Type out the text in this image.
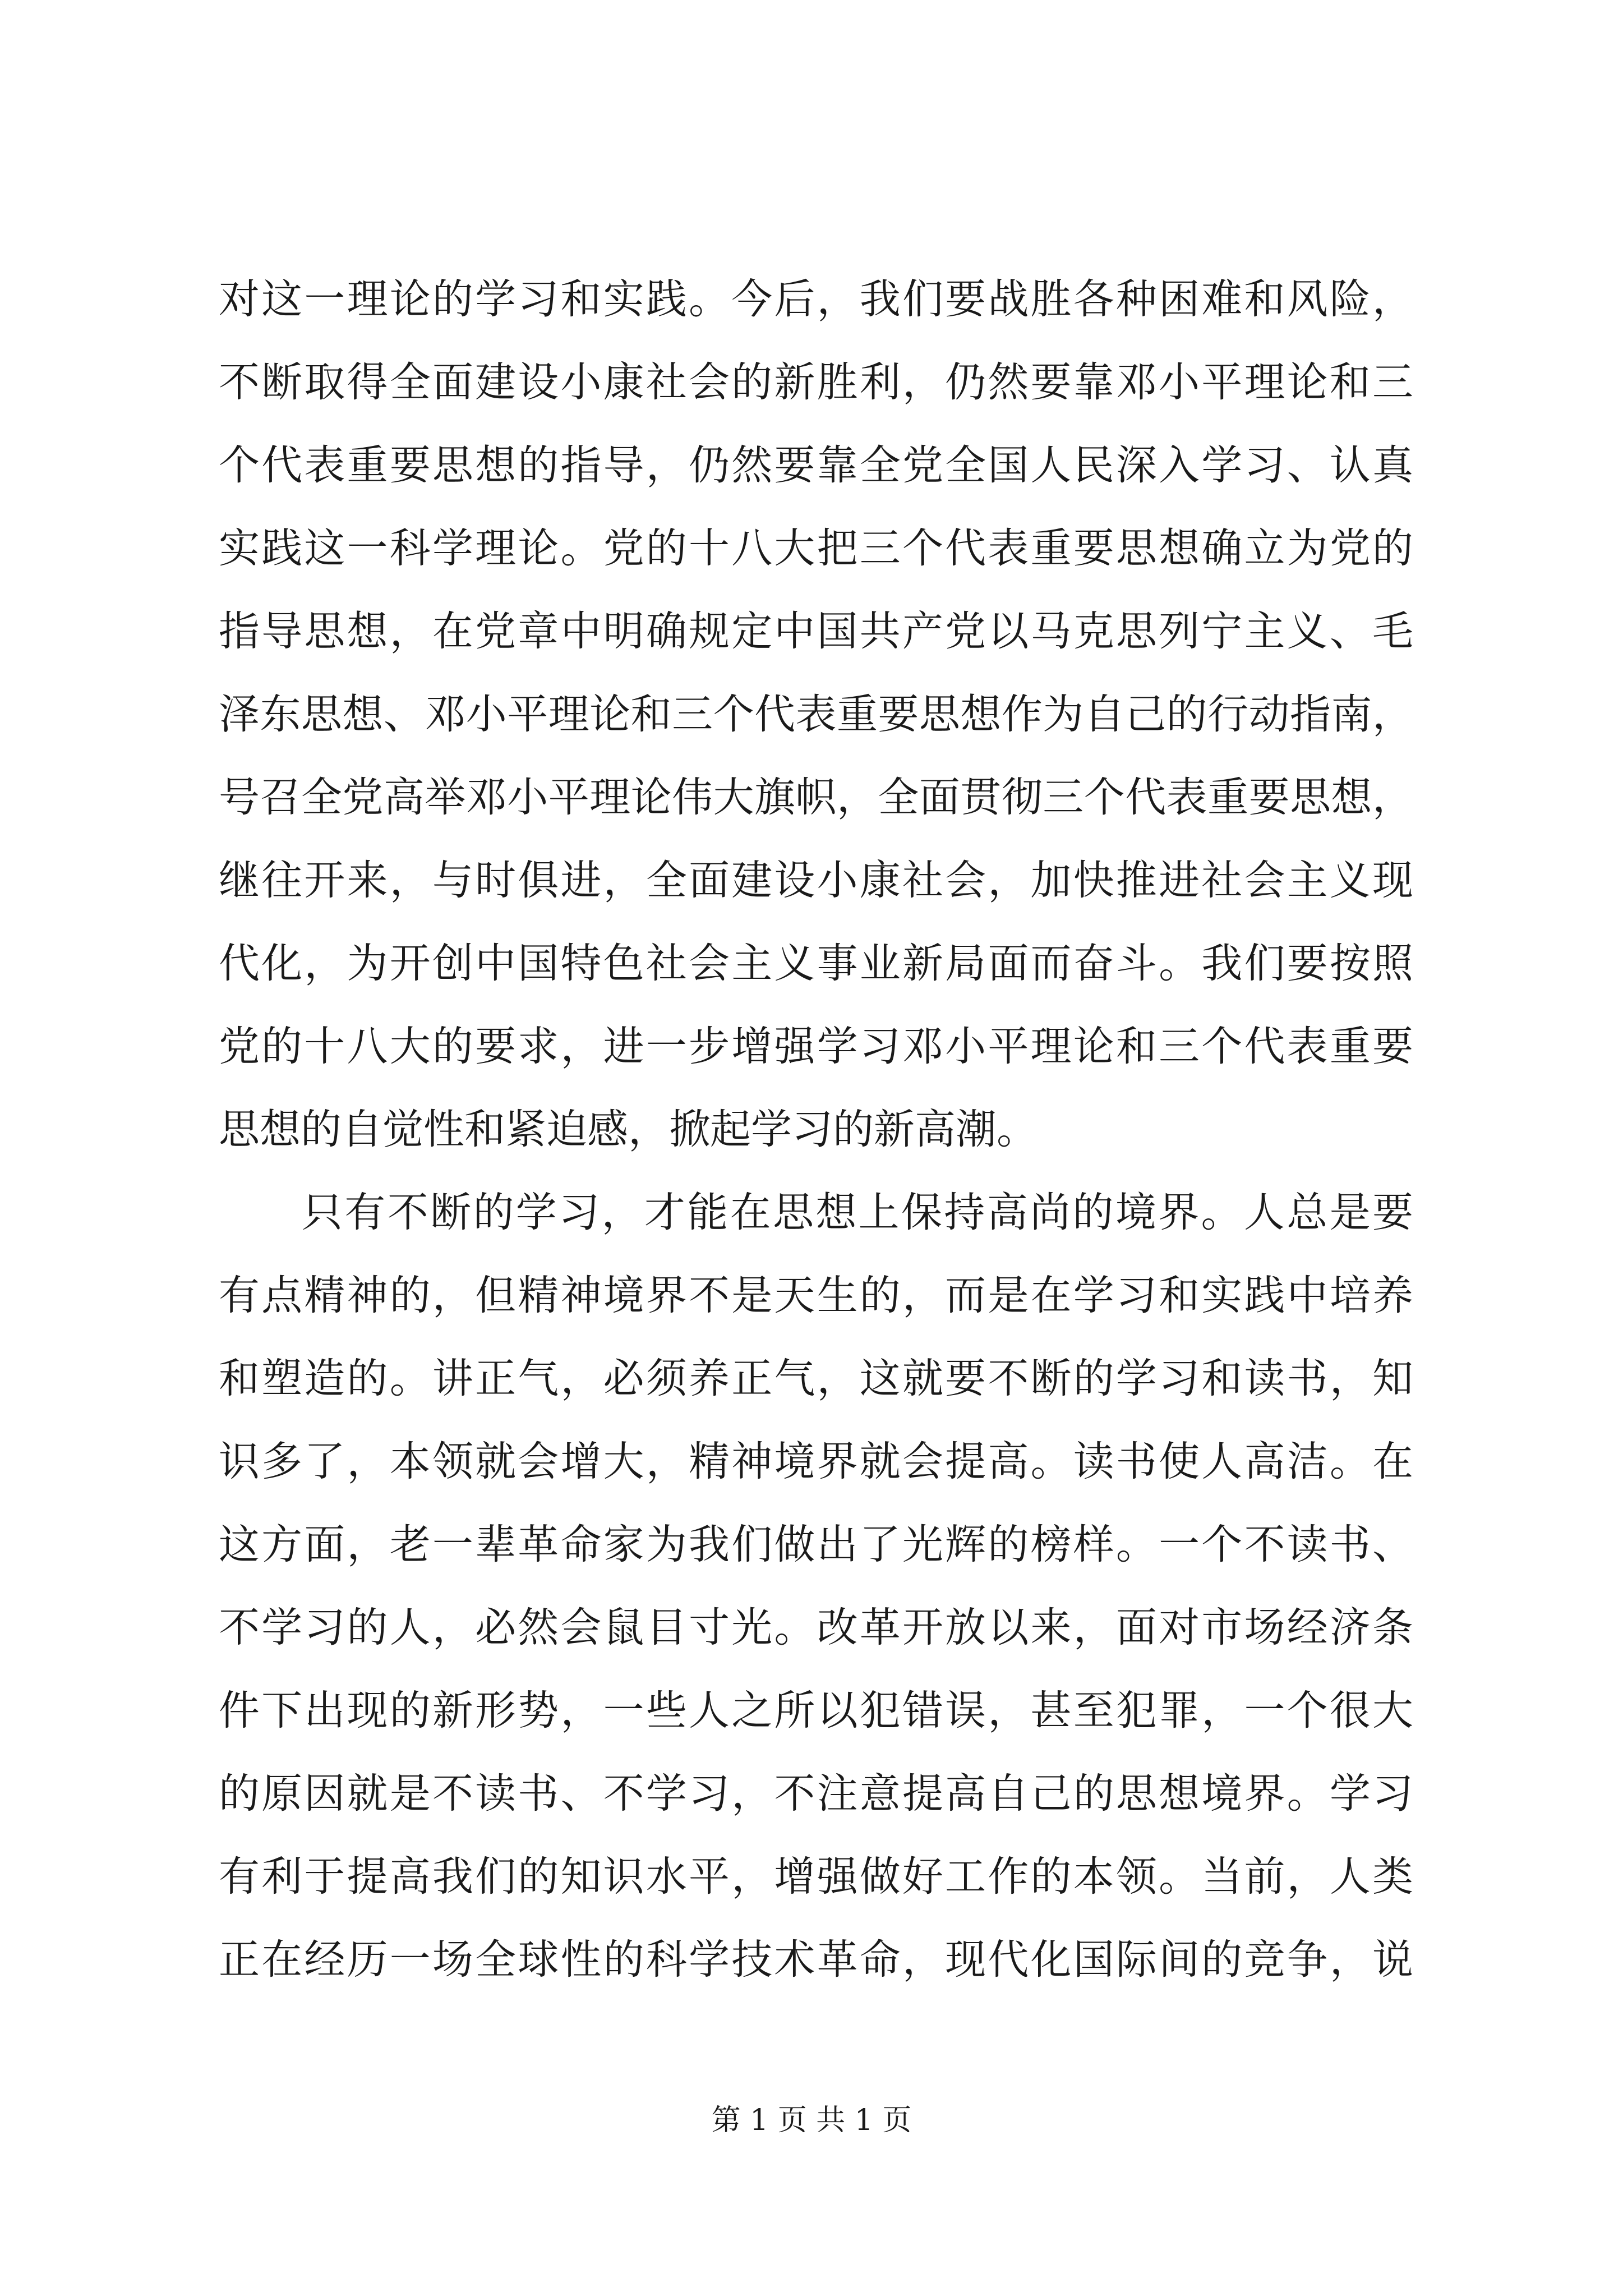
对这一理论的学习和实践。今后，我们要战胜各种困难和风险，
不断取得全面建设小康社会的新胜利，仍然要靠邓小平理论和三
个代表重要思想的指导，仍然要靠全党全国人民深入学习、认真
实践这一科学理论。党的十八大把三个代表重要思想确立为党的
指导思想，在党章中明确规定中国共产党以马克思列宁主义、毛
泽东思想、邓小平理论和三个代表重要思想作为自己的行动指南，
号召全党高举邓小平理论伟大旗帜，全面贯彻三个代表重要思想，
继往开来，与时俱进，全面建设小康社会，加快推进社会主义现
代化，为开创中国特色社会主义事业新局面而奋斗。我们要按照
党的十八大的要求，进一步增强学习邓小平理论和三个代表重要
思想的自觉性和紧迫感，掀起学习的新高潮。
只有不断的学习，才能在思想上保持高尚的境界。人总是要
有点精神的，但精神境界不是天生的，而是在学习和实践中培养
和塑造的。讲正气，必须养正气，这就要不断的学习和读书，知
识多了，本领就会增大，精神境界就会提高。读书使人高洁。在
这方面，老一辈革命家为我们做出了光辉的榜样。一个不读书、
不学习的人，必然会鼠目寸光。改革开放以来，面对市场经济条
件下出现的新形势，一些人之所以犯错误，甚至犯罪，一个很大
的原因就是不读书、不学习，不注意提高自己的思想境界。学习
有利于提高我们的知识水平，增强做好工作的本领。当前，人类
正在经历一场全球性的科学技术革命，现代化国际间的竞争，说
第 1 页 共 1 页
